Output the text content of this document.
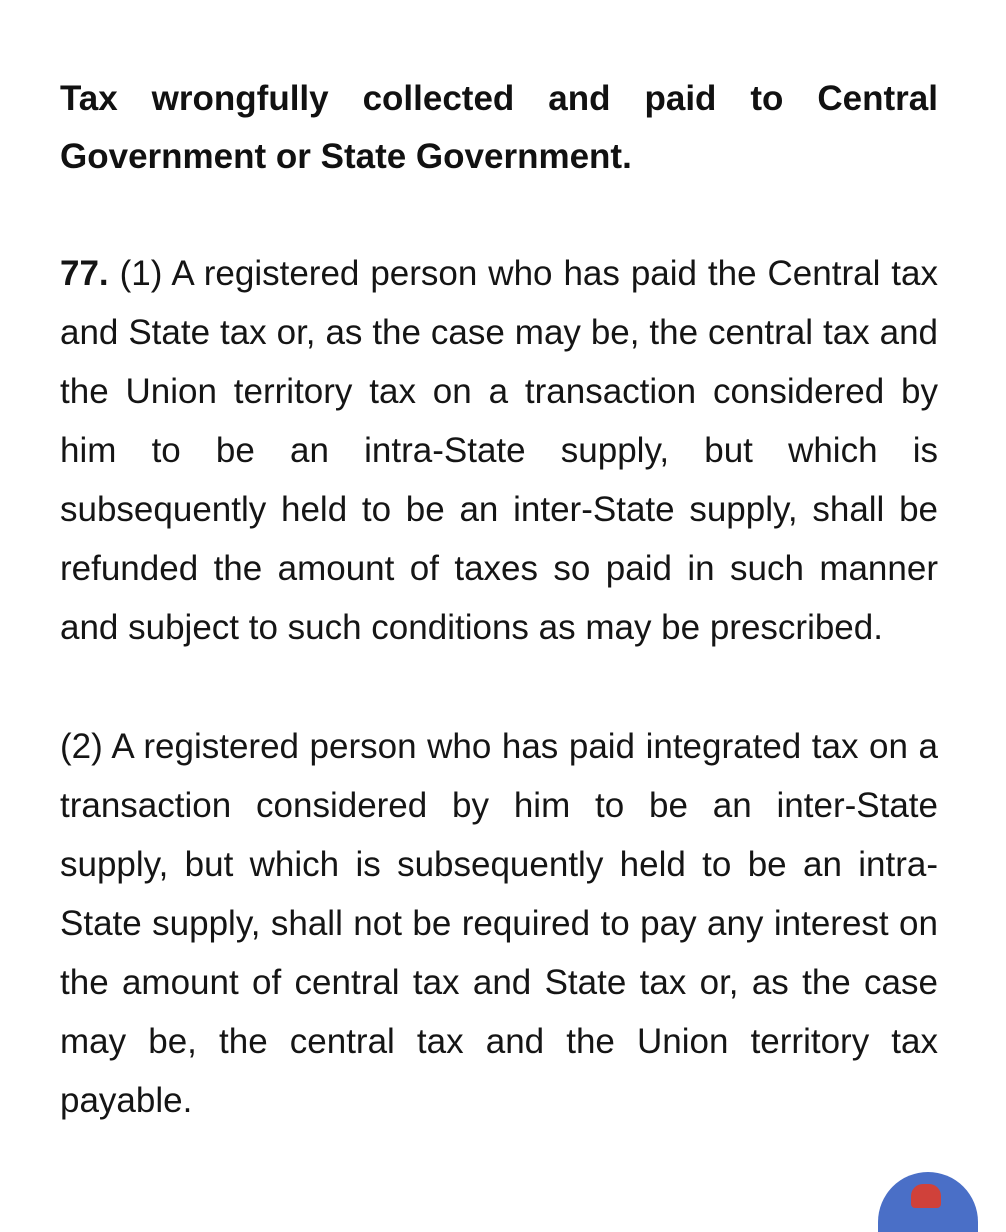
Tax wrongfully collected and paid to Central Government or State Government.

77. (1) A registered person who has paid the Central tax and State tax or, as the case may be, the central tax and the Union territory tax on a transaction considered by him to be an intra-State supply, but which is subsequently held to be an inter-State supply, shall be refunded the amount of taxes so paid in such manner and subject to such conditions as may be prescribed.

(2) A registered person who has paid integrated tax on a transaction considered by him to be an inter-State supply, but which is subsequently held to be an intra-State supply, shall not be required to pay any interest on the amount of central tax and State tax or, as the case may be, the central tax and the Union territory tax payable.
